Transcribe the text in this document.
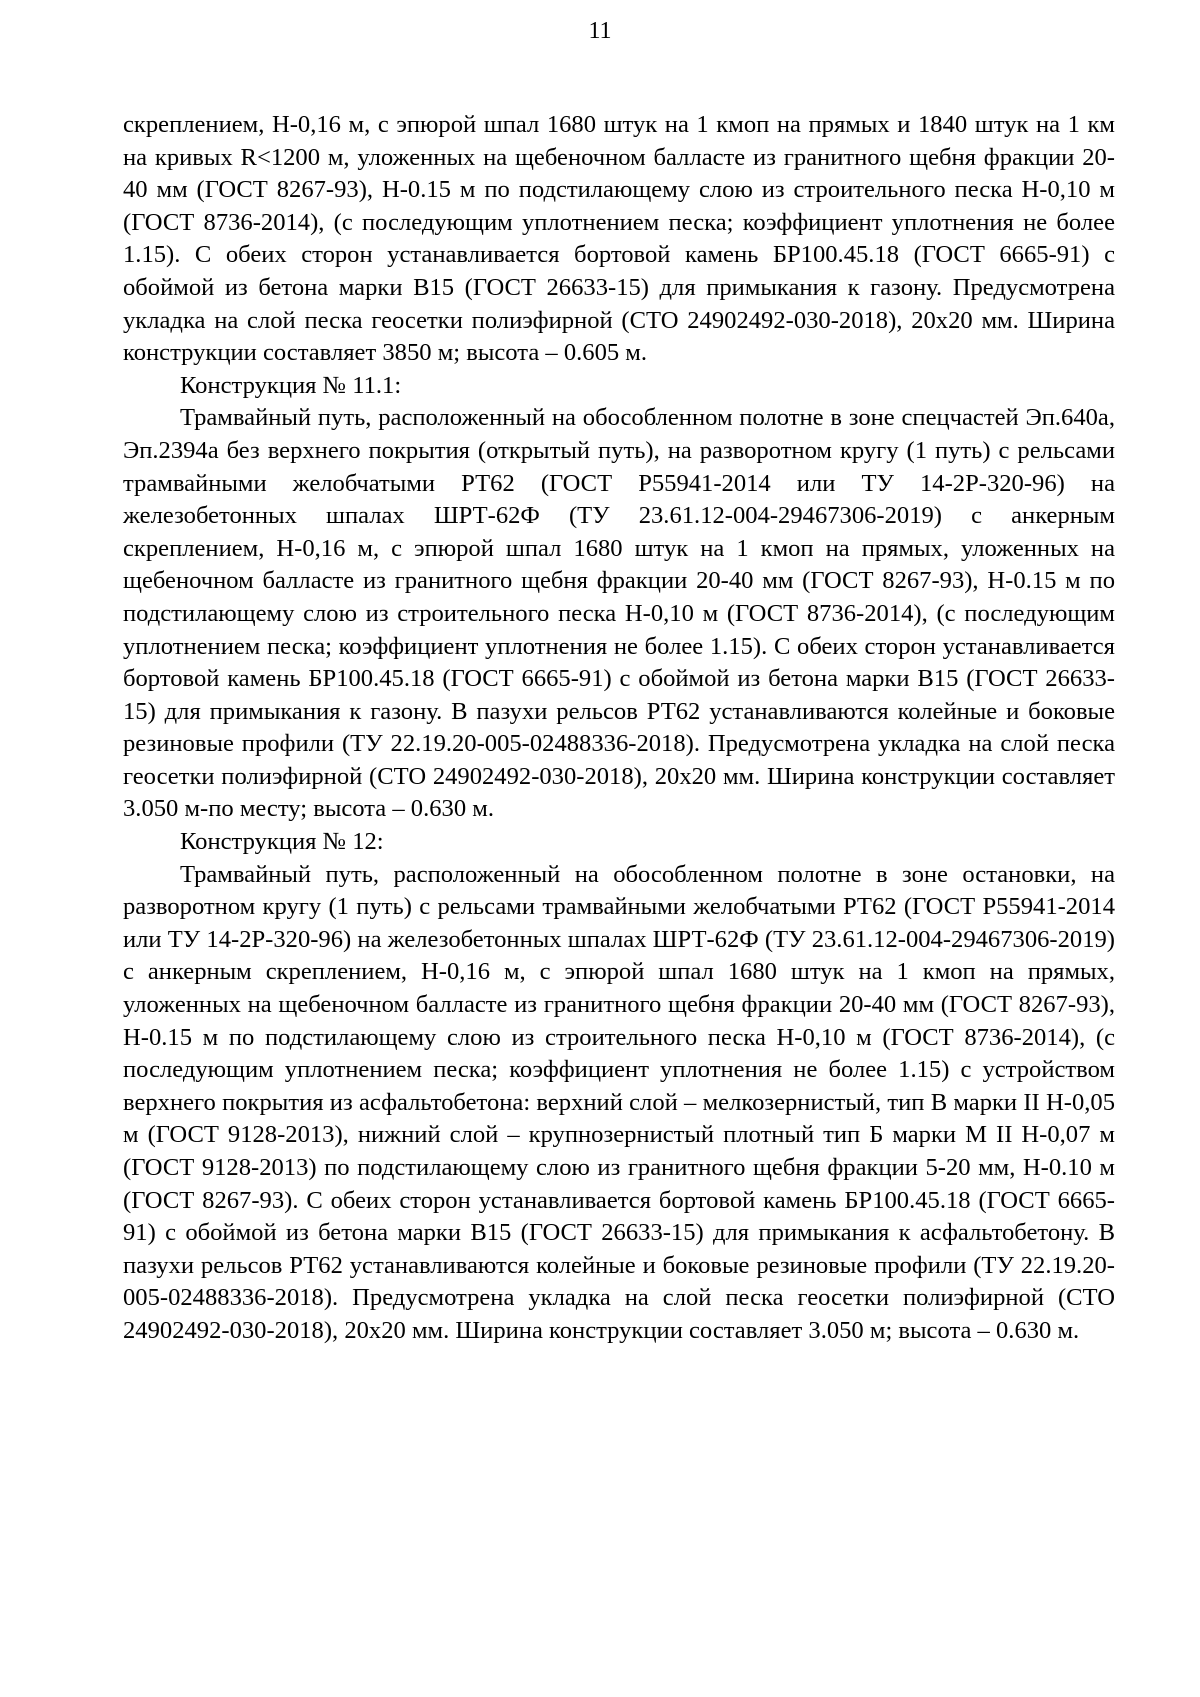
11

скреплением, Н-0,16 м, с эпюрой шпал 1680 штук на 1 кмоп на прямых и 1840 штук на 1 км на кривых R<1200 м, уложенных на щебеночном балласте из гранитного щебня фракции 20-40 мм (ГОСТ 8267-93), Н-0.15 м по подстилающему слою из строительного песка Н-0,10 м (ГОСТ 8736-2014), (с последующим уплотнением песка; коэффициент уплотнения не более 1.15). С обеих сторон устанавливается бортовой камень БР100.45.18 (ГОСТ 6665-91) с обоймой из бетона марки В15 (ГОСТ 26633-15) для примыкания к газону. Предусмотрена укладка на слой песка геосетки полиэфирной (СТО 24902492-030-2018), 20х20 мм. Ширина конструкции составляет 3850 м; высота – 0.605 м.

Конструкция № 11.1:

Трамвайный путь, расположенный на обособленном полотне в зоне спецчастей Эп.640а, Эп.2394а без верхнего покрытия (открытый путь), на разворотном кругу (1 путь) с рельсами трамвайными желобчатыми РТ62 (ГОСТ Р55941-2014 или ТУ 14-2Р-320-96) на железобетонных шпалах ШРТ-62Ф (ТУ 23.61.12-004-29467306-2019) с анкерным скреплением, Н-0,16 м, с эпюрой шпал 1680 штук на 1 кмоп на прямых, уложенных на щебеночном балласте из гранитного щебня фракции 20-40 мм (ГОСТ 8267-93), Н-0.15 м по подстилающему слою из строительного песка Н-0,10 м (ГОСТ 8736-2014), (с последующим уплотнением песка; коэффициент уплотнения не более 1.15). С обеих сторон устанавливается бортовой камень БР100.45.18 (ГОСТ 6665-91) с обоймой из бетона марки В15 (ГОСТ 26633-15) для примыкания к газону. В пазухи рельсов РТ62 устанавливаются колейные и боковые резиновые профили (ТУ 22.19.20-005-02488336-2018). Предусмотрена укладка на слой песка геосетки полиэфирной (СТО 24902492-030-2018), 20х20 мм. Ширина конструкции составляет 3.050 м-по месту; высота – 0.630 м.

Конструкция № 12:

Трамвайный путь, расположенный на обособленном полотне в зоне остановки, на разворотном кругу (1 путь) с рельсами трамвайными желобчатыми РТ62 (ГОСТ Р55941-2014 или ТУ 14-2Р-320-96) на железобетонных шпалах ШРТ-62Ф (ТУ 23.61.12-004-29467306-2019) с анкерным скреплением, Н-0,16 м, с эпюрой шпал 1680 штук на 1 кмоп на прямых, уложенных на щебеночном балласте из гранитного щебня фракции 20-40 мм (ГОСТ 8267-93), Н-0.15 м по подстилающему слою из строительного песка Н-0,10 м (ГОСТ 8736-2014), (с последующим уплотнением песка; коэффициент уплотнения не более 1.15) с устройством верхнего покрытия из асфальтобетона: верхний слой – мелкозернистый, тип В марки II Н-0,05 м (ГОСТ 9128-2013), нижний слой – крупнозернистый плотный тип Б марки М II Н-0,07 м (ГОСТ 9128-2013) по подстилающему слою из гранитного щебня фракции 5-20 мм, Н-0.10 м (ГОСТ 8267-93). С обеих сторон устанавливается бортовой камень БР100.45.18 (ГОСТ 6665-91) с обоймой из бетона марки В15 (ГОСТ 26633-15) для примыкания к асфальтобетону. В пазухи рельсов РТ62 устанавливаются колейные и боковые резиновые профили (ТУ 22.19.20-005-02488336-2018). Предусмотрена укладка на слой песка геосетки полиэфирной (СТО 24902492-030-2018), 20х20 мм. Ширина конструкции составляет 3.050 м; высота – 0.630 м.
